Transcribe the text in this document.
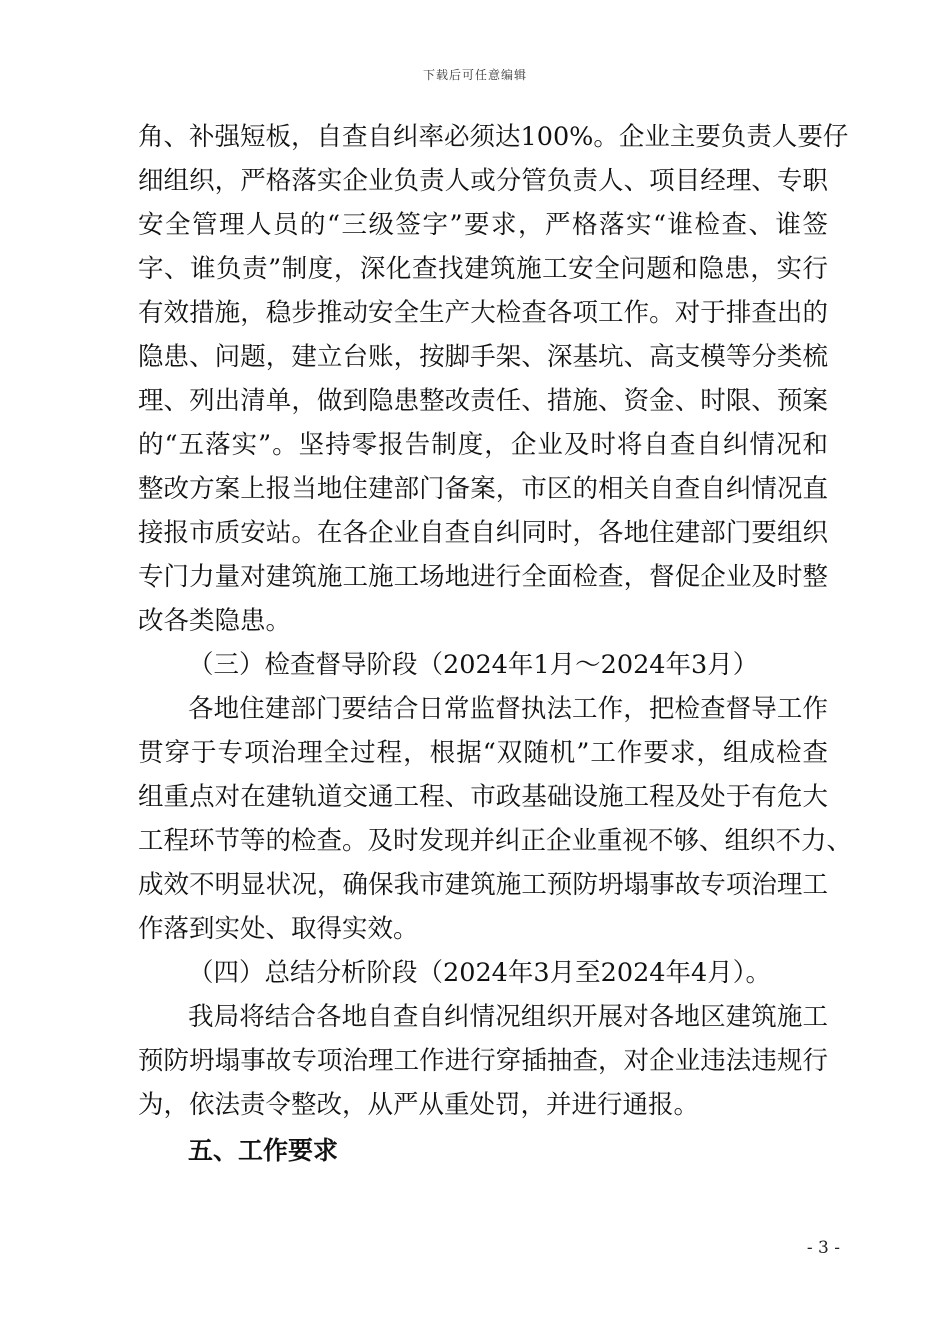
下载后可任意编辑
角、补强短板，自查自纠率必须达100%。企业主要负责人要仔
细组织，严格落实企业负责人或分管负责人、项目经理、专职
安全管理人员的“三级签字”要求，严格落实“谁检查、谁签
字、谁负责”制度，深化查找建筑施工安全问题和隐患，实行
有效措施，稳步推动安全生产大检查各项工作。对于排查出的
隐患、问题，建立台账，按脚手架、深基坑、高支模等分类梳
理、列出清单，做到隐患整改责任、措施、资金、时限、预案
的“五落实”。坚持零报告制度，企业及时将自查自纠情况和
整改方案上报当地住建部门备案，市区的相关自查自纠情况直
接报市质安站。在各企业自查自纠同时，各地住建部门要组织
专门力量对建筑施工施工场地进行全面检查，督促企业及时整
改各类隐患。
（三）检查督导阶段（2024年1月～2024年3月）
各地住建部门要结合日常监督执法工作，把检查督导工作
贯穿于专项治理全过程，根据“双随机”工作要求，组成检查
组重点对在建轨道交通工程、市政基础设施工程及处于有危大
工程环节等的检查。及时发现并纠正企业重视不够、组织不力、
成效不明显状况，确保我市建筑施工预防坍塌事故专项治理工
作落到实处、取得实效。
（四）总结分析阶段（2024年3月至2024年4月）。
我局将结合各地自查自纠情况组织开展对各地区建筑施工
预防坍塌事故专项治理工作进行穿插抽查，对企业违法违规行
为，依法责令整改，从严从重处罚，并进行通报。
五、工作要求
- 3 -
